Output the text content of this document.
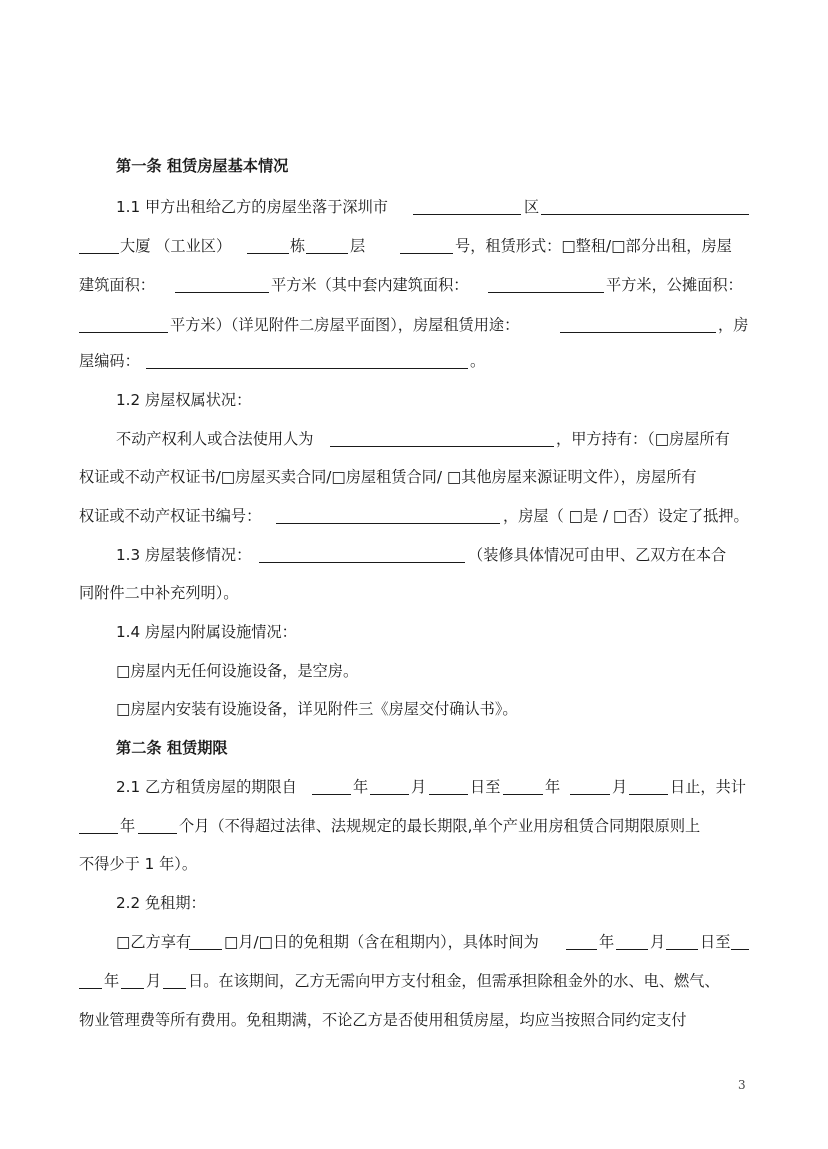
第一条 租赁房屋基本情况
1.1 甲方出租给乙方的房屋坐落于深圳市	区
大厦 （工业区）	栋	层	号，租赁形式：□整租/□部分出租，房屋
建筑面积：	平方米（其中套内建筑面积：	平方米，公摊面积：
平方米）（详见附件二房屋平面图），房屋租赁用途：	，房
屋编码：	。
1.2 房屋权属状况：
不动产权利人或合法使用人为	，甲方持有：（□房屋所有
权证或不动产权证书/□房屋买卖合同/□房屋租赁合同/ □其他房屋来源证明文件），房屋所有
权证或不动产权证书编号：	，房屋（ □是 / □否）设定了抵押。
1.3 房屋装修情况：	（装修具体情况可由甲、乙双方在本合
同附件二中补充列明）。
1.4 房屋内附属设施情况：
□房屋内无任何设施设备，是空房。
□房屋内安装有设施设备，详见附件三《房屋交付确认书》。
第二条 租赁期限
2.1 乙方租赁房屋的期限自	年	月	日至	年	月	日止，共计
年	个月（不得超过法律、法规规定的最长期限,单个产业用房租赁合同期限原则上
不得少于 1 年）。
2.2 免租期：
□乙方享有 □月/□日的免租期（含在租期内），具体时间为	年 月 日至
年 月 日。在该期间，乙方无需向甲方支付租金，但需承担除租金外的水、电、燃气、
物业管理费等所有费用。免租期满，不论乙方是否使用租赁房屋，均应当按照合同约定支付
3
